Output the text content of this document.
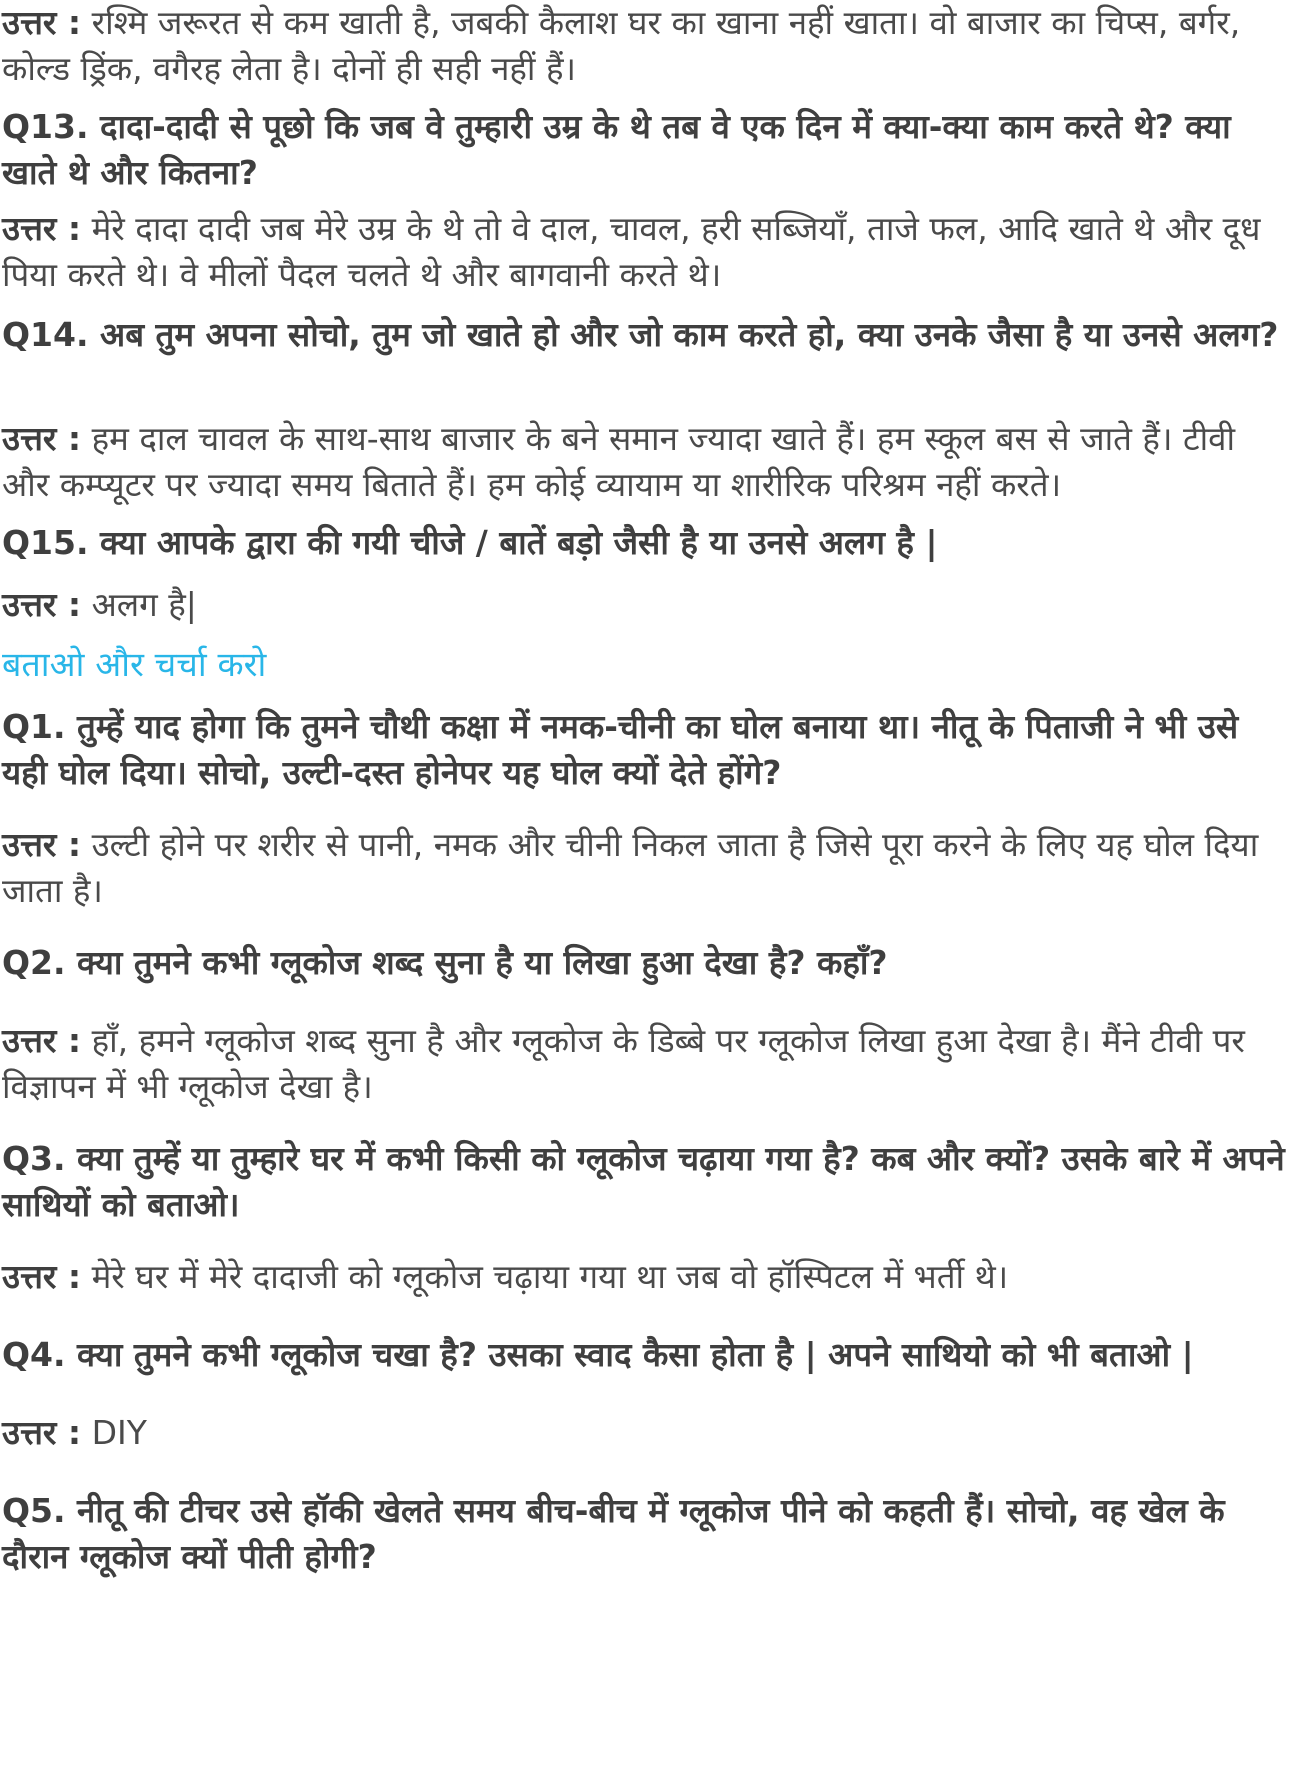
उत्तर : रश्मि जरूरत से कम खाती है, जबकी कैलाश घर का खाना नहीं खाता। वो बाजार का चिप्स, बर्गर, कोल्ड ड्रिंक, वगैरह लेता है। दोनों ही सही नहीं हैं।

Q13. दादा-दादी से पूछो कि जब वे तुम्हारी उम्र के थे तब वे एक दिन में क्या-क्या काम करते थे? क्या खाते थे और कितना?

उत्तर : मेरे दादा दादी जब मेरे उम्र के थे तो वे दाल, चावल, हरी सब्जियाँ, ताजे फल, आदि खाते थे और दूध पिया करते थे। वे मीलों पैदल चलते थे और बागवानी करते थे।

Q14. अब तुम अपना सोचो, तुम जो खाते हो और जो काम करते हो, क्या उनके जैसा है या उनसे अलग?

उत्तर : हम दाल चावल के साथ-साथ बाजार के बने समान ज्यादा खाते हैं। हम स्कूल बस से जाते हैं। टीवी और कम्प्यूटर पर ज्यादा समय बिताते हैं। हम कोई व्यायाम या शारीरिक परिश्रम नहीं करते।

Q15. क्या आपके द्वारा की गयी चीजे / बातें बड़ो जैसी है या उनसे अलग है |

उत्तर : अलग है|

बताओ और चर्चा करो

Q1. तुम्हें याद होगा कि तुमने चौथी कक्षा में नमक-चीनी का घोल बनाया था। नीतू के पिताजी ने भी उसे यही घोल दिया। सोचो, उल्टी-दस्त होनेपर यह घोल क्यों देते होंगे?

उत्तर : उल्टी होने पर शरीर से पानी, नमक और चीनी निकल जाता है जिसे पूरा करने के लिए यह घोल दिया जाता है।

Q2. क्या तुमने कभी ग्लूकोज शब्द सुना है या लिखा हुआ देखा है? कहाँ?

उत्तर : हाँ, हमने ग्लूकोज शब्द सुना है और ग्लूकोज के डिब्बे पर ग्लूकोज लिखा हुआ देखा है। मैंने टीवी पर विज्ञापन में भी ग्लूकोज देखा है।

Q3. क्या तुम्हें या तुम्हारे घर में कभी किसी को ग्लूकोज चढ़ाया गया है? कब और क्यों? उसके बारे में अपने साथियों को बताओ।

उत्तर : मेरे घर में मेरे दादाजी को ग्लूकोज चढ़ाया गया था जब वो हॉस्पिटल में भर्ती थे।

Q4. क्या तुमने कभी ग्लूकोज चखा है? उसका स्वाद कैसा होता है | अपने साथियो को भी बताओ |

उत्तर : DIY

Q5. नीतू की टीचर उसे हॉकी खेलते समय बीच-बीच में ग्लूकोज पीने को कहती हैं। सोचो, वह खेल के दौरान ग्लूकोज क्यों पीती होगी?
